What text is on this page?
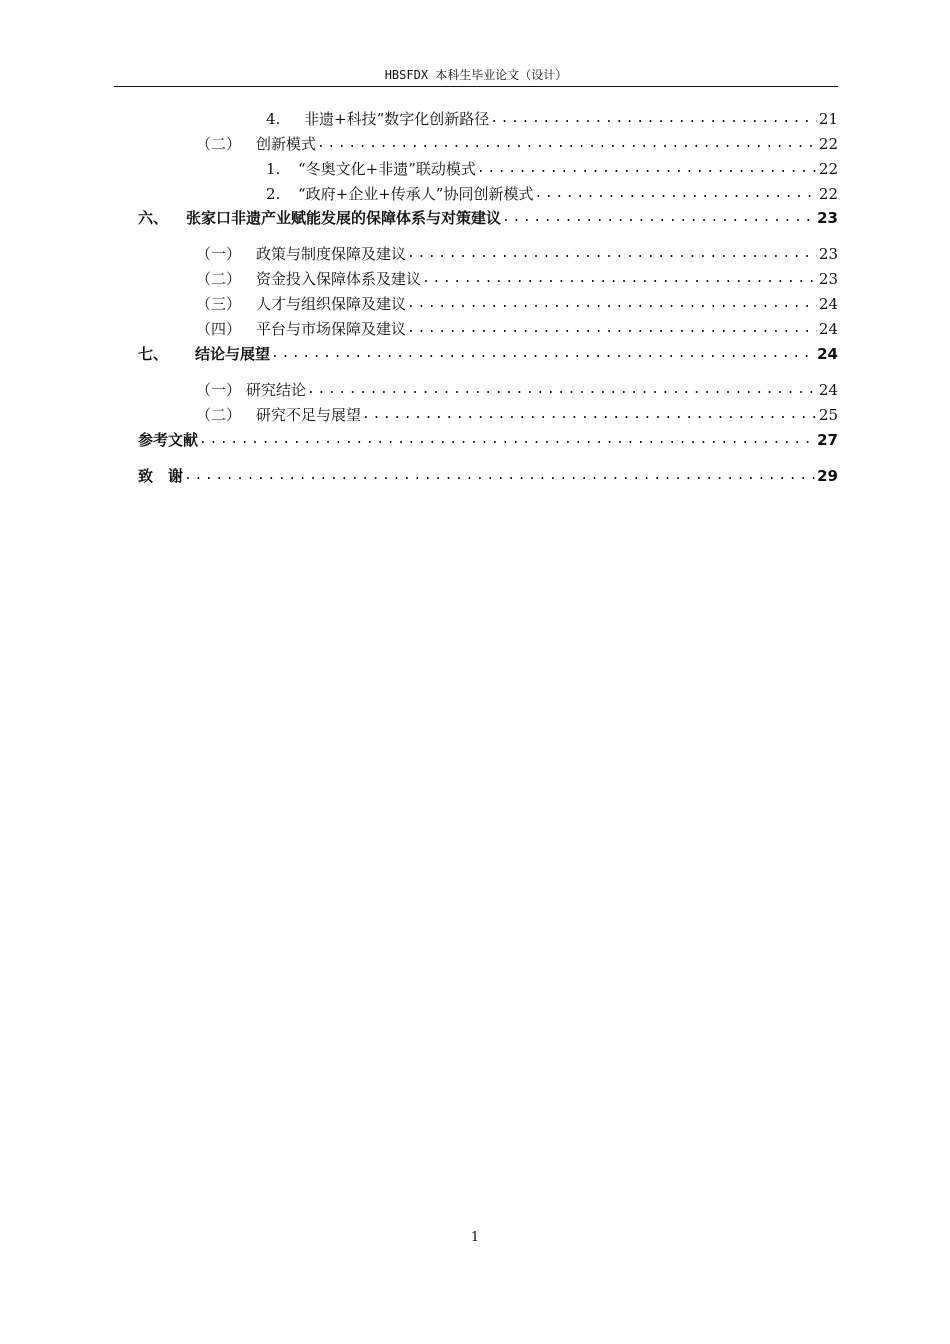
HBSFDX 本科生毕业论文（设计）
4.	非遗+科技”数字化创新路径 .....	21
（二） 创新模式 .....	22
1.	“冬奥文化+非遗”联动模式 .....	22
2.	“政府+企业+传承人”协同创新模式 .....	22
六、	张家口非遗产业赋能发展的保障体系与对策建议 .....	23
（一） 政策与制度保障及建议 .....	23
（二） 资金投入保障体系及建议 .....	23
（三） 人才与组织保障及建议 .....	24
（四） 平台与市场保障及建议 .....	24
七、	结论与展望 .....	24
（一） 研究结论 .....	24
（二） 研究不足与展望 .....	25
参考文献 .....	27
致　谢 .....	29
1
